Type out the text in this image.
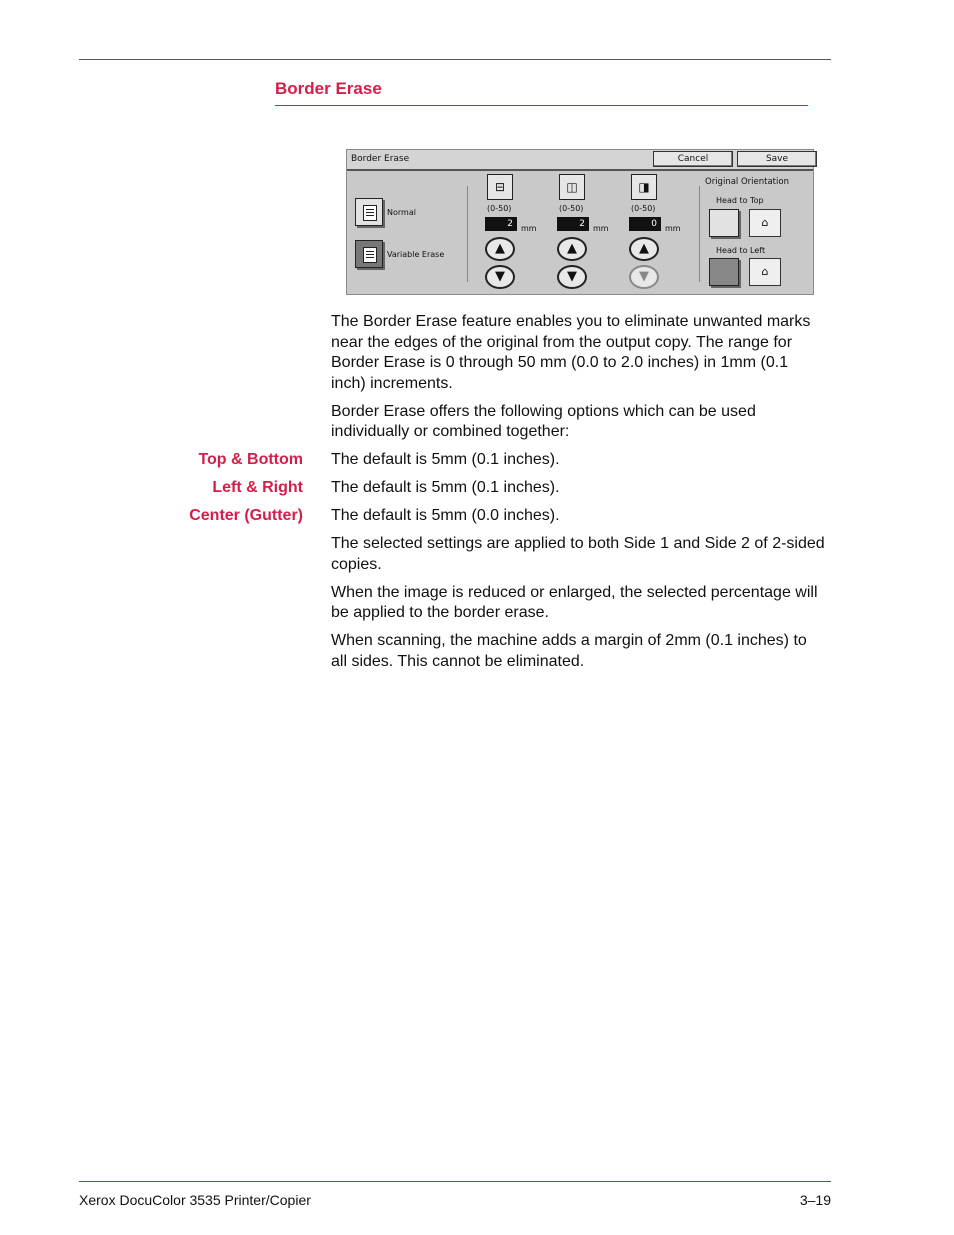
Border Erase
Border Erase	Cancel	Save
Normal
Variable Erase
⊟
(0-50)
2	mm
▲
▼
◫
(0-50)
2	mm
▲
▼
◨
(0-50)
0	mm
▲
▼
Original Orientation
Head to Top
⌂
Head to Left
⌂

The Border Erase feature enables you to eliminate unwanted marks near the edges of the original from the output copy. The range for Border Erase is 0 through 50 mm (0.0 to 2.0 inches) in 1mm (0.1 inch) increments.

Border Erase offers the following options which can be used individually or combined together:

Top & Bottom The default is 5mm (0.1 inches).

Left & Right The default is 5mm (0.1 inches).

Center (Gutter) The default is 5mm (0.0 inches).

The selected settings are applied to both Side 1 and Side 2 of 2-sided copies.

When the image is reduced or enlarged, the selected percentage will be applied to the border erase.

When scanning, the machine adds a margin of 2mm (0.1 inches) to all sides. This cannot be eliminated.

Xerox DocuColor 3535 Printer/Copier	3–19
